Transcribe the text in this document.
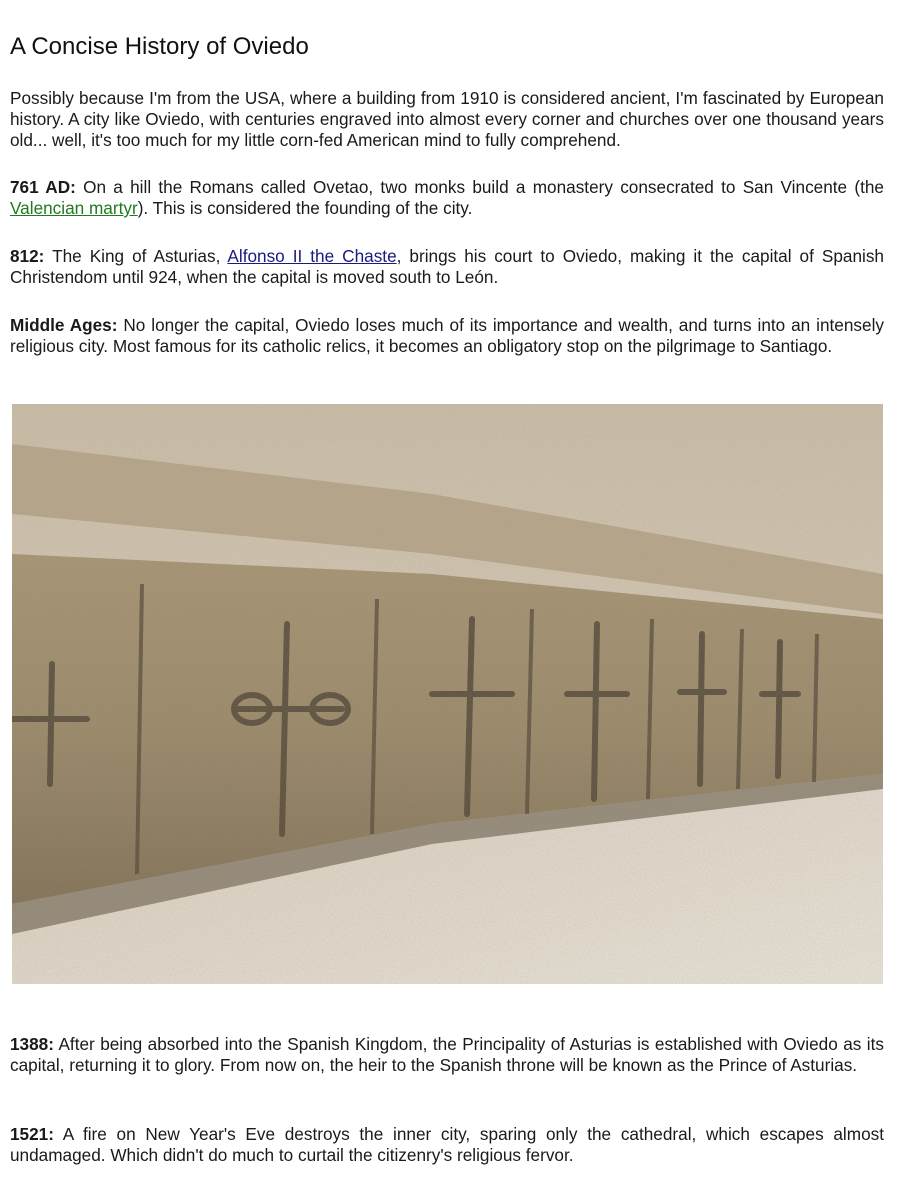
A Concise History of Oviedo

Possibly because I'm from the USA, where a building from 1910 is considered ancient, I'm fascinated by European history. A city like Oviedo, with centuries engraved into almost every corner and churches over one thousand years old... well, it's too much for my little corn-fed American mind to fully comprehend.

761 AD: On a hill the Romans called Ovetao, two monks build a monastery consecrated to San Vincente (the Valencian martyr). This is considered the founding of the city.

812: The King of Asturias, Alfonso II the Chaste, brings his court to Oviedo, making it the capital of Spanish Christendom until 924, when the capital is moved south to León.

Middle Ages: No longer the capital, Oviedo loses much of its importance and wealth, and turns into an intensely religious city. Most famous for its catholic relics, it becomes an obligatory stop on the pilgrimage to Santiago.

1388: After being absorbed into the Spanish Kingdom, the Principality of Asturias is established with Oviedo as its capital, returning it to glory. From now on, the heir to the Spanish throne will be known as the Prince of Asturias.

1521: A fire on New Year's Eve destroys the inner city, sparing only the cathedral, which escapes almost undamaged. Which didn't do much to curtail the citizenry's religious fervor.
